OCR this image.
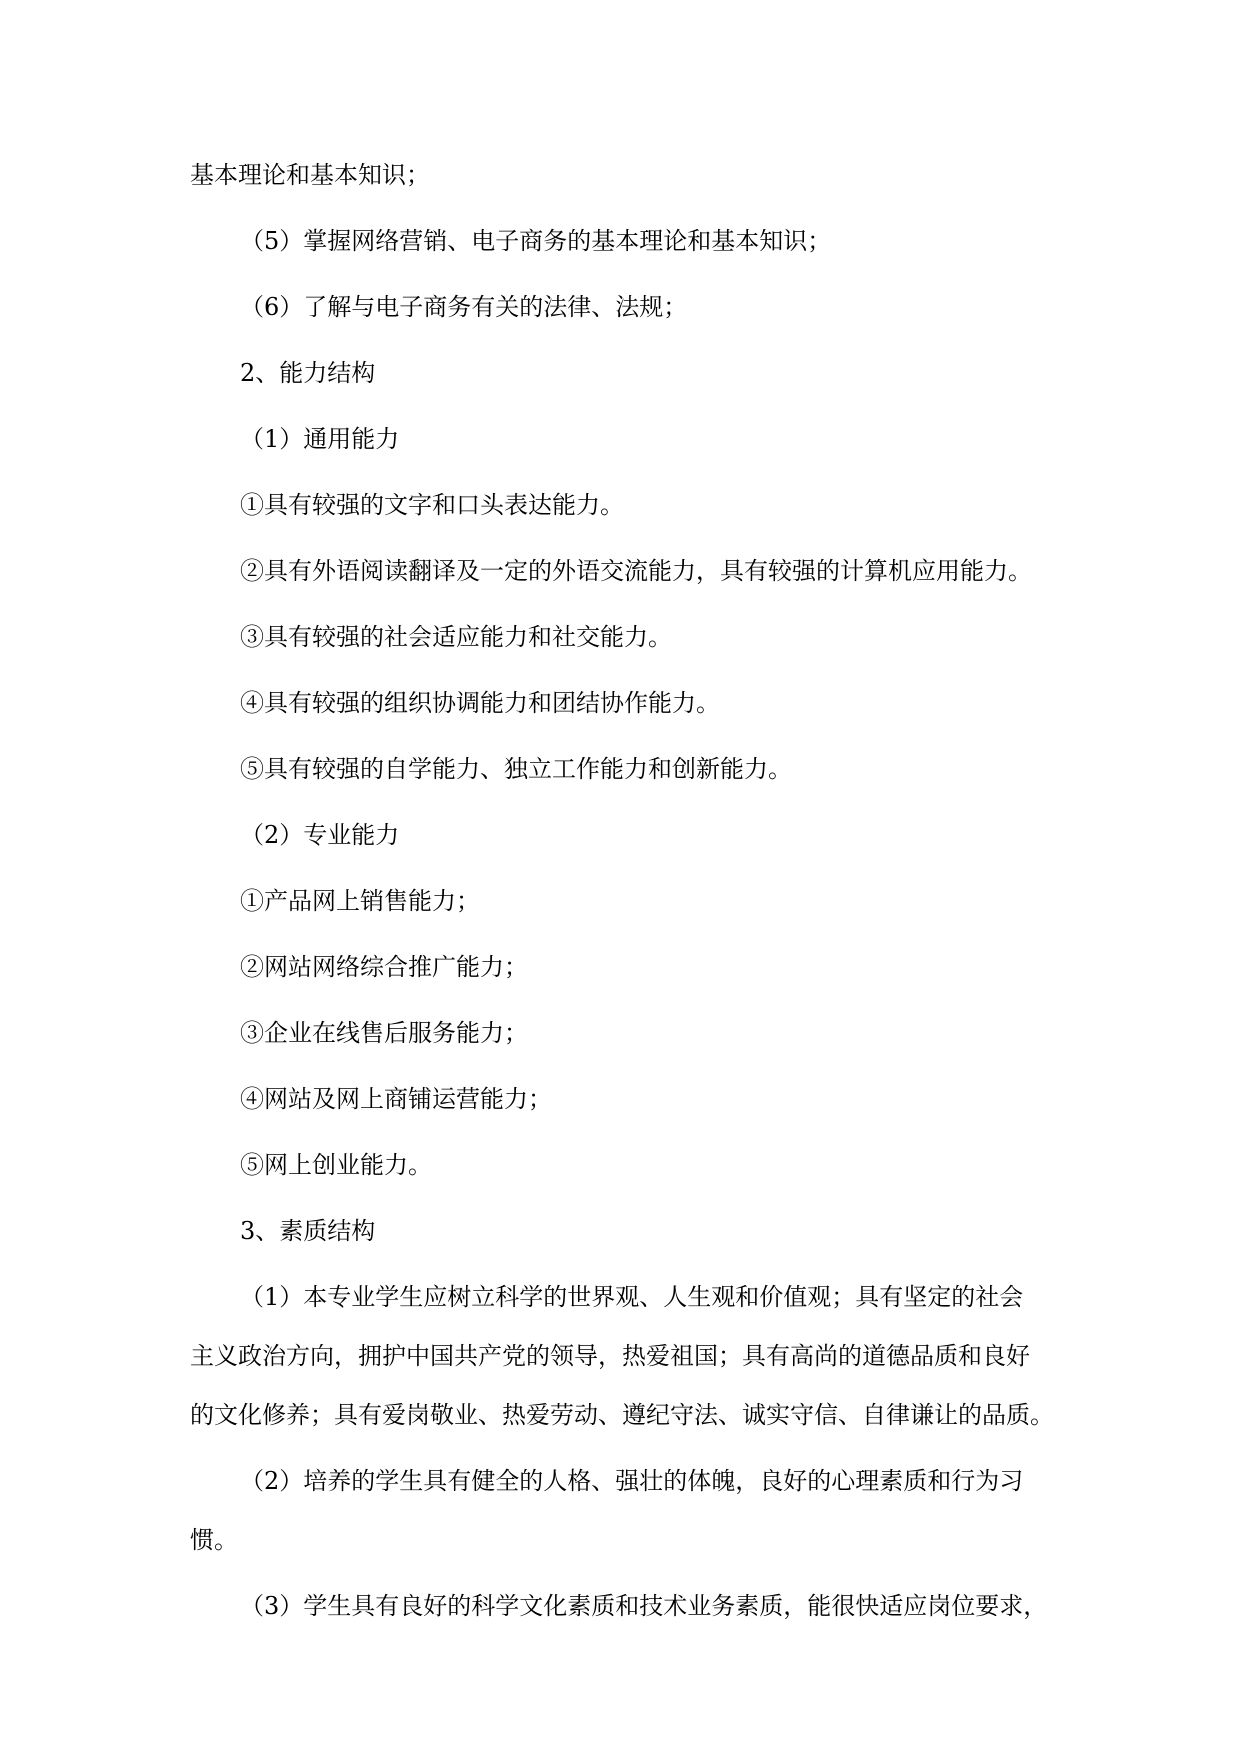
基本理论和基本知识；
（5）掌握网络营销、电子商务的基本理论和基本知识；
（6）了解与电子商务有关的法律、法规；
2、能力结构
（1）通用能力
①具有较强的文字和口头表达能力。
②具有外语阅读翻译及一定的外语交流能力，具有较强的计算机应用能力。
③具有较强的社会适应能力和社交能力。
④具有较强的组织协调能力和团结协作能力。
⑤具有较强的自学能力、独立工作能力和创新能力。
（2）专业能力
①产品网上销售能力；
②网站网络综合推广能力；
③企业在线售后服务能力；
④网站及网上商铺运营能力；
⑤网上创业能力。
3、素质结构
（1）本专业学生应树立科学的世界观、人生观和价值观；具有坚定的社会
主义政治方向，拥护中国共产党的领导，热爱祖国；具有高尚的道德品质和良好
的文化修养；具有爱岗敬业、热爱劳动、遵纪守法、诚实守信、自律谦让的品质。
（2）培养的学生具有健全的人格、强壮的体魄，良好的心理素质和行为习
惯。
（3）学生具有良好的科学文化素质和技术业务素质，能很快适应岗位要求，
